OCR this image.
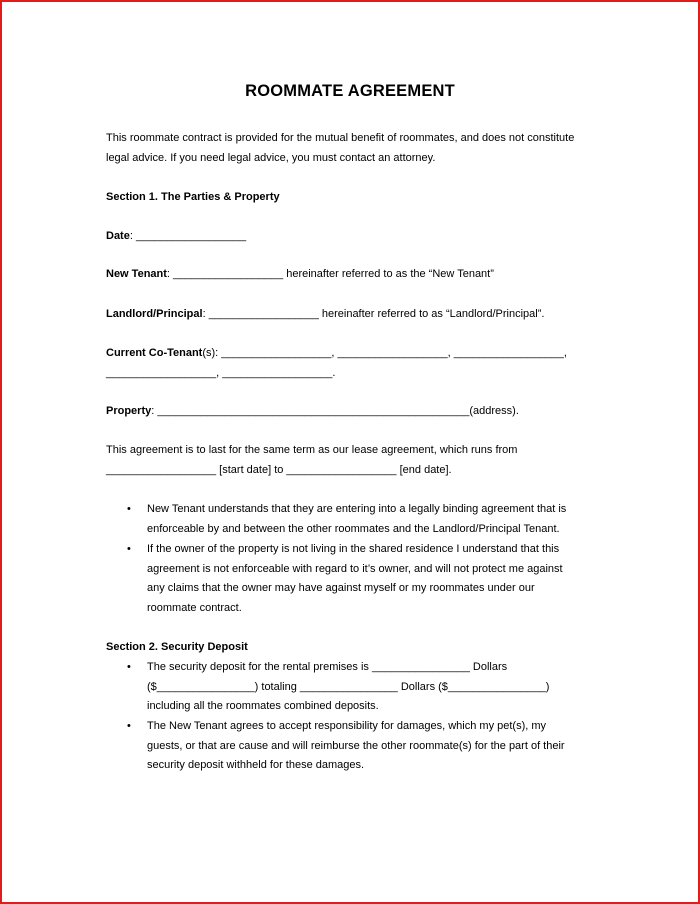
ROOMMATE AGREEMENT
This roommate contract is provided for the mutual benefit of roommates, and does not constitute
legal advice. If you need legal advice, you must contact an attorney.
Section 1. The Parties & Property
Date: __________________
New Tenant: __________________ hereinafter referred to as the “New Tenant”
Landlord/Principal: __________________ hereinafter referred to as “Landlord/Principal”.
Current Co-Tenant(s): __________________, __________________, __________________,
__________________, __________________.
Property: ___________________________________________________(address).
This agreement is to last for the same term as our lease agreement, which runs from
__________________ [start date] to __________________ [end date].
• New Tenant understands that they are entering into a legally binding agreement that is
enforceable by and between the other roommates and the Landlord/Principal Tenant.
• If the owner of the property is not living in the shared residence I understand that this
agreement is not enforceable with regard to it’s owner, and will not protect me against
any claims that the owner may have against myself or my roommates under our
roommate contract.
Section 2. Security Deposit
• The security deposit for the rental premises is ________________ Dollars
($________________) totaling ________________ Dollars ($________________)
including all the roommates combined deposits.
• The New Tenant agrees to accept responsibility for damages, which my pet(s), my
guests, or that are cause and will reimburse the other roommate(s) for the part of their
security deposit withheld for these damages.
